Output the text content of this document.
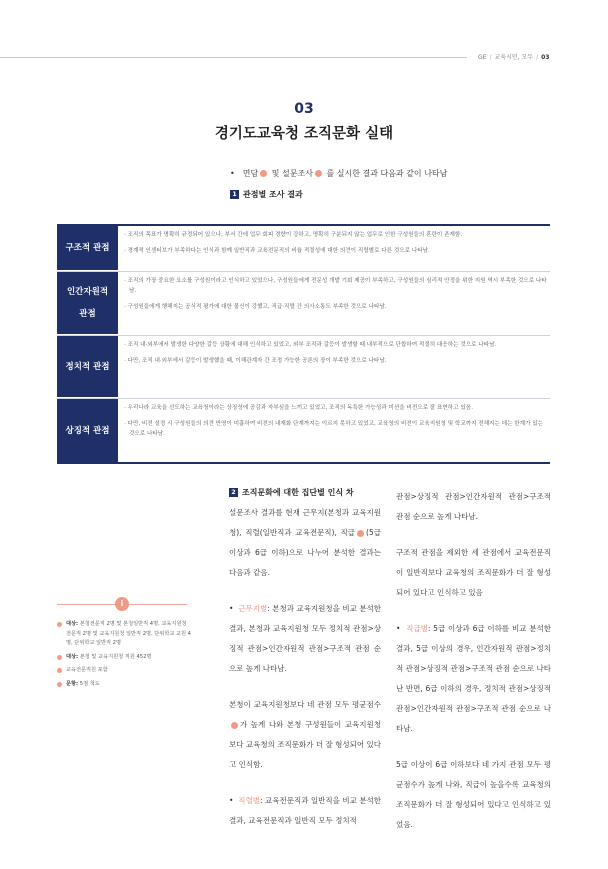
GE / 교육시민, 모두 / 03
03
경기도교육청 조직문화 실태
• 면담 및 설문조사 를 실시한 결과 다음과 같이 나타남
1 관점별 조사 결과
구조적 관점
· 조직의 목표가 명확히 규정되어 있으나, 부서 간에 업무 회피 경향이 강하고, 명확히 구분되지 않는 업무로 인한 구성원들의 혼란이 존재함.
· 경계적 인센티브가 부족하다는 인식과 함께 일반직과 교육전문직의 비율 적절성에 대한 의견이 직렬별로 다른 것으로 나타남.
인간자원적 관점
· 조직의 가장 중요한 요소를 구성원이라고 인식하고 있었으나, 구성원들에게 전문성 개발 기회 제공이 부족하고, 구성원들의 심리적 안정을 위한 지원 역시 부족한 것으로 나타남.
· 구성원들에게 행해지는 공식적 평가에 대한 불신이 강했고, 직급·직렬 간 의사소통도 부족한 것으로 나타남.
정치적 관점
· 조직 내·외부에서 발생한 다양한 갈등 상황에 대해 인식하고 있었고, 외부 조직과 갈등이 발생할 때 내부적으로 단합하여 적절히 대응하는 것으로 나타남.
· 다만, 조직 내·외부에서 갈등이 발생했을 때, 이해관계자 간 조정 가능한 공론의 장이 부족한 것으로 나타남.
상징적 관점
· 우리나라 교육을 선도하는 교육청이라는 상징성에 공감과 자부심을 느끼고 있었고, 조직의 독특한 가능성과 미션을 비전으로 잘 표현하고 있음.
· 다만, 비전 설정 시 구성원들의 의견 반영이 미흡하여 비전의 내재화 단계까지는 이르지 못하고 있었고, 교육청의 비전이 교육지원청 및 학교까지 전해지는 데는 한계가 있는 것으로 나타남.
2 조직문화에 대한 집단별 인식 차
설문조사 결과를 현재 근무지(본청과 교육지원청), 직렬(일반직과 교육전문직), 직급 (5급 이상과 6급 이하)으로 나누어 분석한 결과는 다음과 같음.
•  근무지별: 본청과 교육지원청을 비교 분석한 결과, 본청과 교육지원청 모두 정치적 관점>상징적 관점>인간자원적 관점>구조적 관점 순으로 높게 나타남.
본청이 교육지원청보다 네 관점 모두 평균점수가 높게 나와 본청 구성원들이 교육지원청보다 교육청의 조직문화가 더 잘 형성되어 있다고 인식함.
•  직렬별: 교육전문직과 일반직을 비교 분석한 결과, 교육전문직과 일반직 모두 정치적
관점>상징적 관점>인간자원적 관점>구조적 관점 순으로 높게 나타남.
구조적 관점을 제외한 세 관점에서 교육전문직이 일반직보다 교육청의 조직문화가 더 잘 형성되어 있다고 인식하고 있음
•  직급별: 5급 이상과 6급 이하를 비교 분석한 결과, 5급 이상의 경우, 인간자원적 관점>정치적 관점>상징적 관점>구조적 관점 순으로 나타난 반면, 6급 이하의 경우, 정치적 관점>상징적 관점>인간자원적 관점>구조적 관점 순으로 나타남.
5급 이상이 6급 이하보다 네 가지 관점 모두 평균점수가 높게 나와, 직급이 높을수록 교육청의 조직문화가 더 잘 형성되어 있다고 인식하고 있었음.
i
대상: 본청전문직 2명 및 본청일반직 4명, 교육지원청 전문직 2명 및 교육지원청 일반직 2명, 단위학교 교원 4명, 단위학교 일반직 2명
대상: 본청 및 교육지원청 직원 452명
교육전문직원 포함
문항: 5점 척도
